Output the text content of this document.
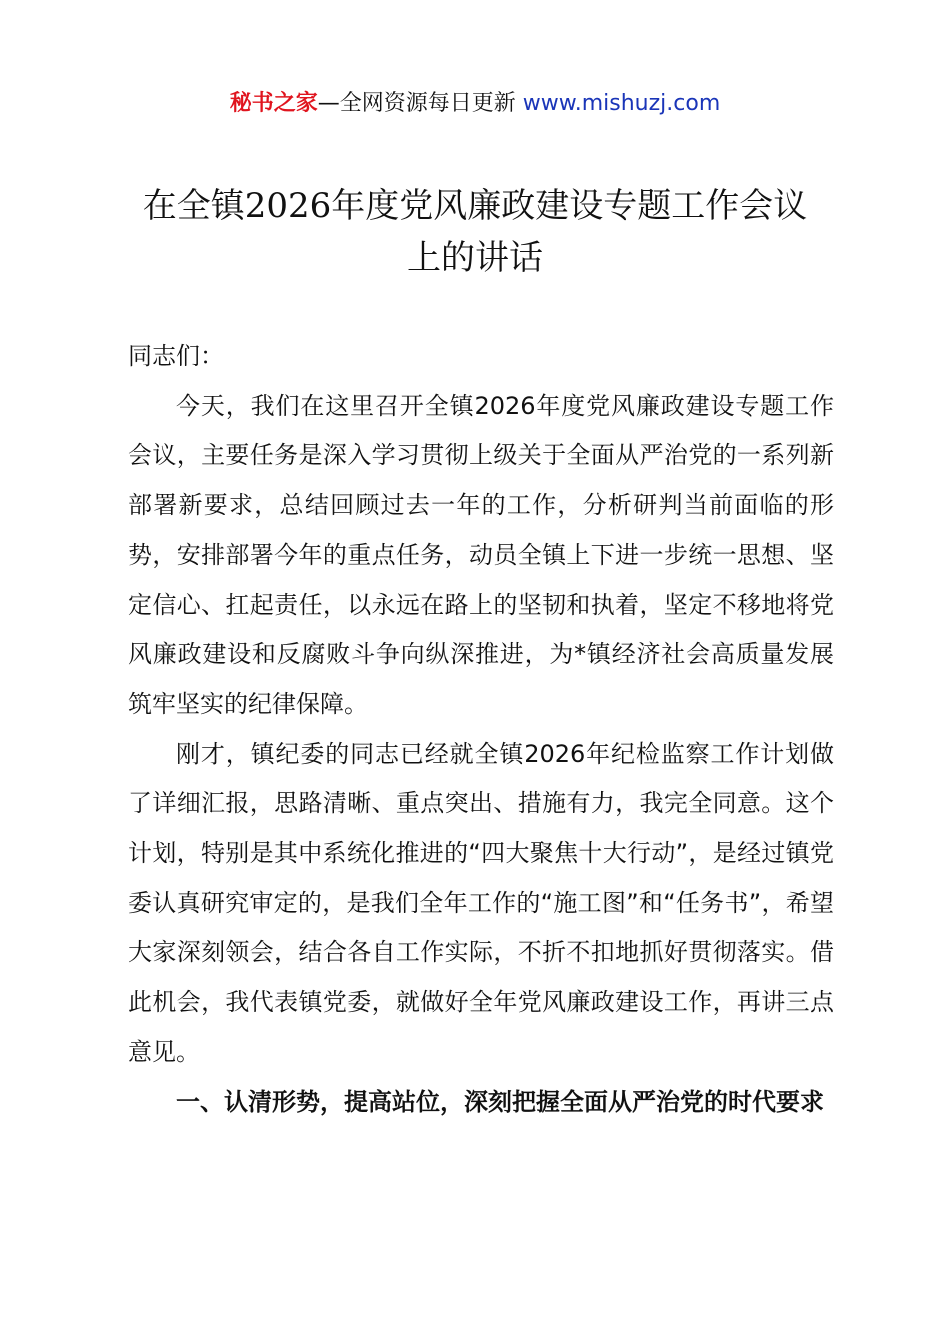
秘书之家—全网资源每日更新 www.mishuzj.com
在全镇2026年度党风廉政建设专题工作会议
上的讲话

同志们：

今天，我们在这里召开全镇2026年度党风廉政建设专题工作会议，主要任务是深入学习贯彻上级关于全面从严治党的一系列新部署新要求，总结回顾过去一年的工作，分析研判当前面临的形势，安排部署今年的重点任务，动员全镇上下进一步统一思想、坚定信心、扛起责任，以永远在路上的坚韧和执着，坚定不移地将党风廉政建设和反腐败斗争向纵深推进，为*镇经济社会高质量发展筑牢坚实的纪律保障。

刚才，镇纪委的同志已经就全镇2026年纪检监察工作计划做了详细汇报，思路清晰、重点突出、措施有力，我完全同意。这个计划，特别是其中系统化推进的“四大聚焦十大行动”，是经过镇党委认真研究审定的，是我们全年工作的“施工图”和“任务书”，希望大家深刻领会，结合各自工作实际，不折不扣地抓好贯彻落实。借此机会，我代表镇党委，就做好全年党风廉政建设工作，再讲三点意见。

一、认清形势，提高站位，深刻把握全面从严治党的时代要求
